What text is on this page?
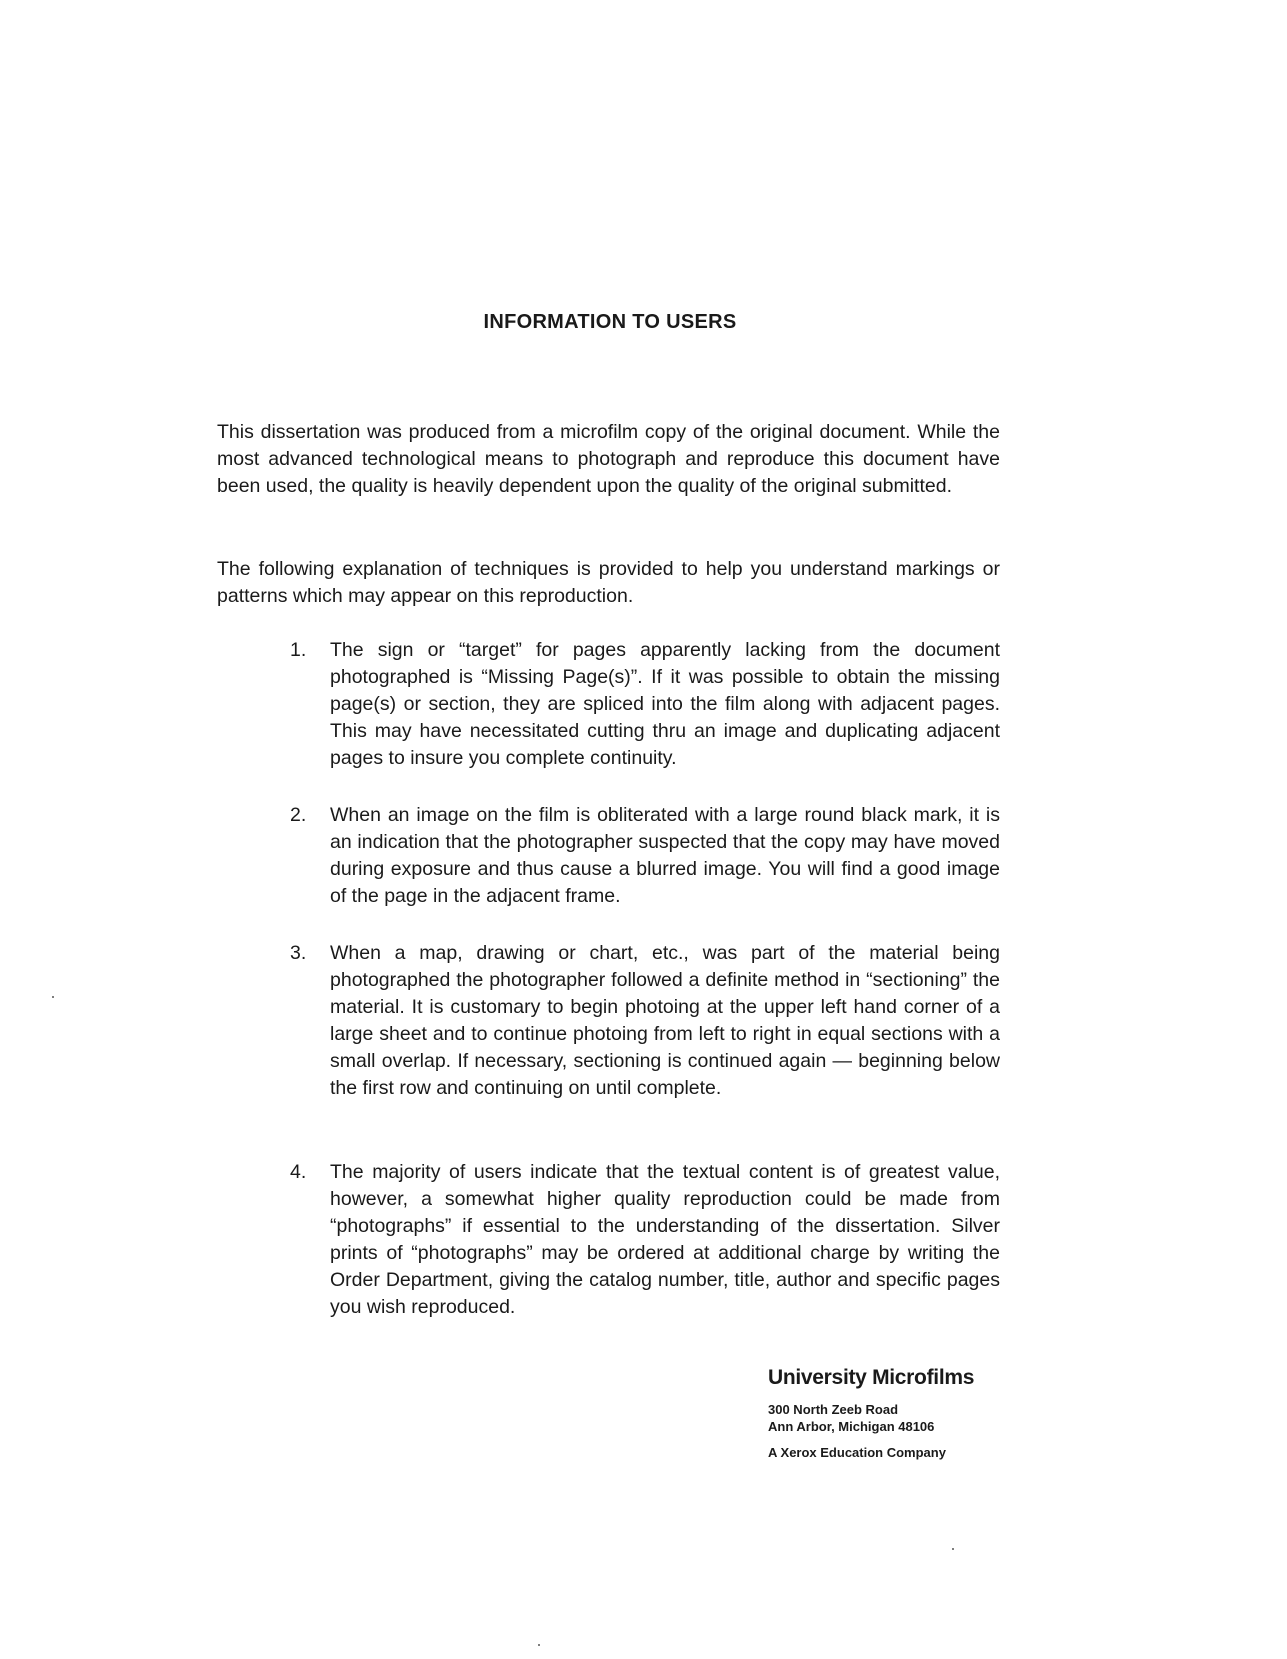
INFORMATION TO USERS

This dissertation was produced from a microfilm copy of the original document. While the most advanced technological means to photograph and reproduce this document have been used, the quality is heavily dependent upon the quality of the original submitted.

The following explanation of techniques is provided to help you understand markings or patterns which may appear on this reproduction.

1.	The sign or “target” for pages apparently lacking from the document photographed is “Missing Page(s)”. If it was possible to obtain the missing page(s) or section, they are spliced into the film along with adjacent pages. This may have necessitated cutting thru an image and duplicating adjacent pages to insure you complete continuity.
2.	When an image on the film is obliterated with a large round black mark, it is an indication that the photographer suspected that the copy may have moved during exposure and thus cause a blurred image. You will find a good image of the page in the adjacent frame.
3.	When a map, drawing or chart, etc., was part of the material being photographed the photographer followed a definite method in “sectioning” the material. It is customary to begin photoing at the upper left hand corner of a large sheet and to continue photoing from left to right in equal sections with a small overlap. If necessary, sectioning is continued again — beginning below the first row and continuing on until complete.
4.	The majority of users indicate that the textual content is of greatest value, however, a somewhat higher quality reproduction could be made from “photographs” if essential to the understanding of the dissertation. Silver prints of “photographs” may be ordered at additional charge by writing the Order Department, giving the catalog number, title, author and specific pages you wish reproduced.

University Microfilms

300 North Zeeb Road

Ann Arbor, Michigan 48106

A Xerox Education Company
